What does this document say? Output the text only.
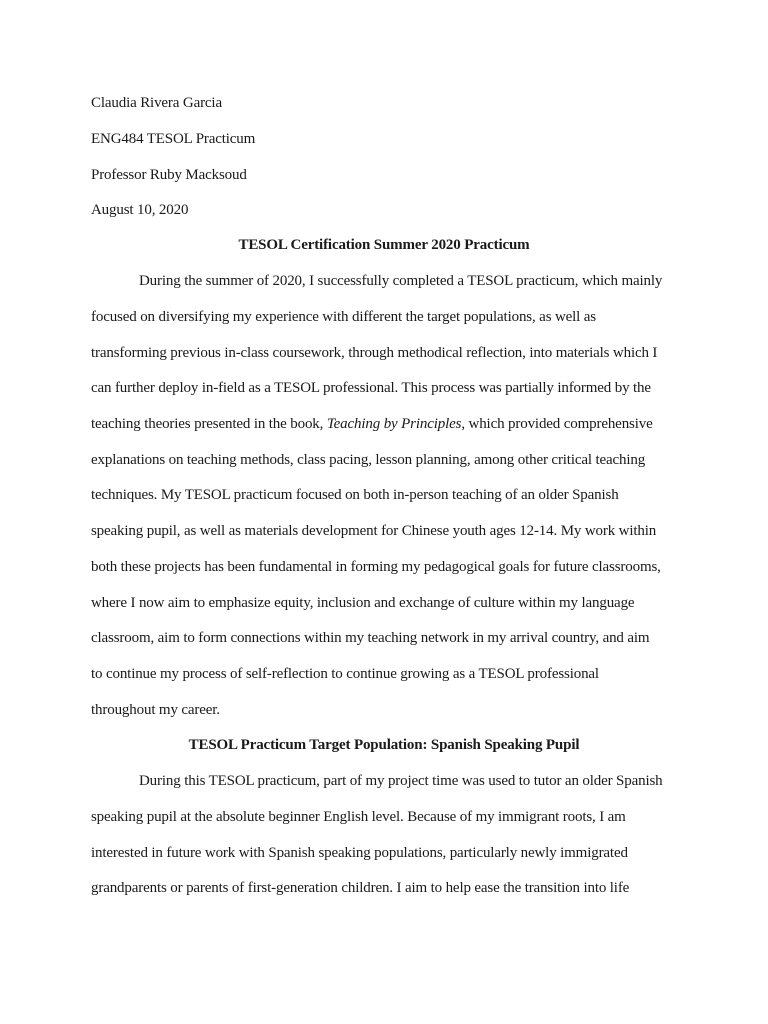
Claudia Rivera Garcia
ENG484 TESOL Practicum
Professor Ruby Macksoud
August 10, 2020
TESOL Certification Summer 2020 Practicum
During the summer of 2020, I successfully completed a TESOL practicum, which mainly
focused on diversifying my experience with different the target populations, as well as
transforming previous in-class coursework, through methodical reflection, into materials which I
can further deploy in-field as a TESOL professional. This process was partially informed by the
teaching theories presented in the book, Teaching by Principles, which provided comprehensive
explanations on teaching methods, class pacing, lesson planning, among other critical teaching
techniques. My TESOL practicum focused on both in-person teaching of an older Spanish
speaking pupil, as well as materials development for Chinese youth ages 12-14. My work within
both these projects has been fundamental in forming my pedagogical goals for future classrooms,
where I now aim to emphasize equity, inclusion and exchange of culture within my language
classroom, aim to form connections within my teaching network in my arrival country, and aim
to continue my process of self-reflection to continue growing as a TESOL professional
throughout my career.
TESOL Practicum Target Population: Spanish Speaking Pupil
During this TESOL practicum, part of my project time was used to tutor an older Spanish
speaking pupil at the absolute beginner English level. Because of my immigrant roots, I am
interested in future work with Spanish speaking populations, particularly newly immigrated
grandparents or parents of first-generation children. I aim to help ease the transition into life
